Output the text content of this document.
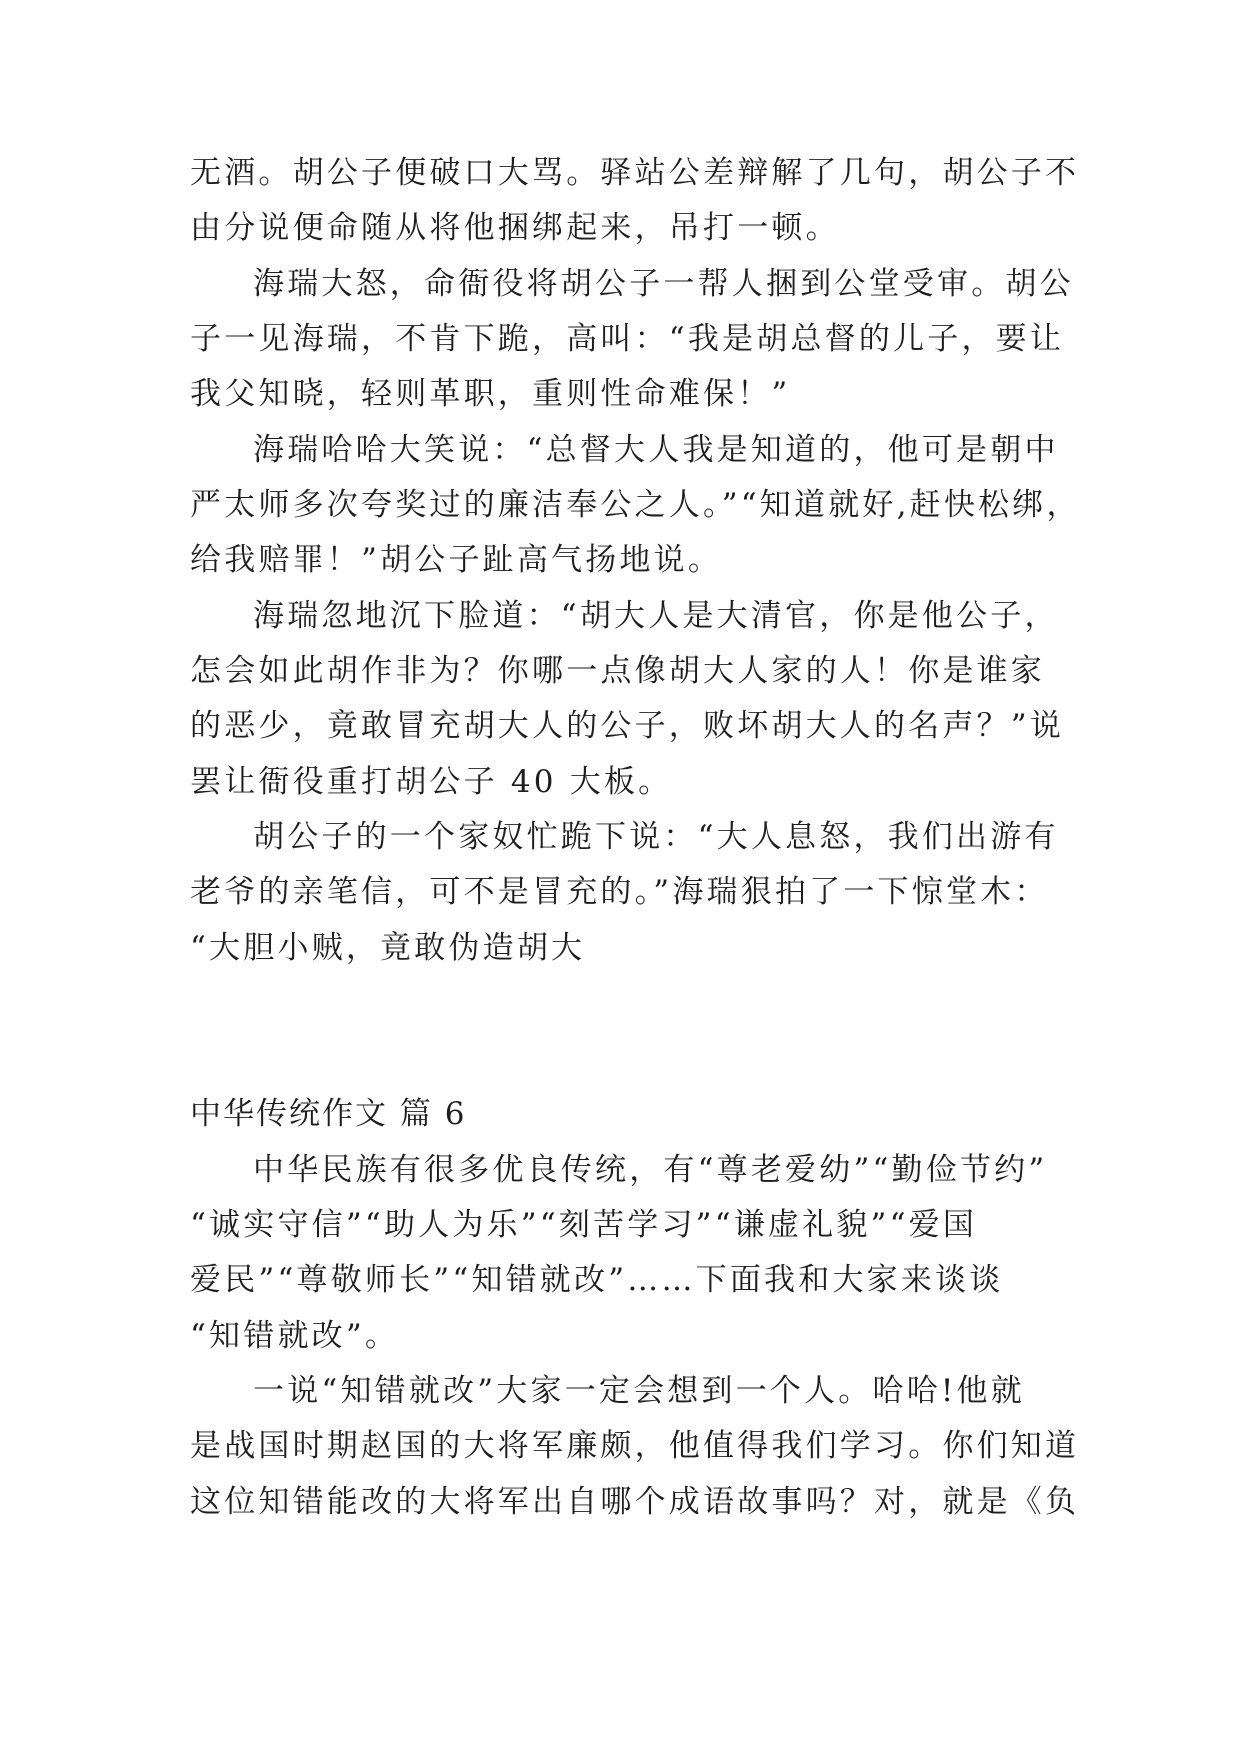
无酒。胡公子便破口大骂。驿站公差辩解了几句，胡公子不
由分说便命随从将他捆绑起来，吊打一顿。
海瑞大怒，命衙役将胡公子一帮人捆到公堂受审。胡公
子一见海瑞，不肯下跪，高叫：“我是胡总督的儿子，要让
我父知晓，轻则革职，重则性命难保！”
海瑞哈哈大笑说：“总督大人我是知道的，他可是朝中
严太师多次夸奖过的廉洁奉公之人。”“知道就好,赶快松绑，
给我赔罪！”胡公子趾高气扬地说。
海瑞忽地沉下脸道：“胡大人是大清官，你是他公子，
怎会如此胡作非为？你哪一点像胡大人家的人！你是谁家
的恶少，竟敢冒充胡大人的公子，败坏胡大人的名声？”说
罢让衙役重打胡公子 40 大板。
胡公子的一个家奴忙跪下说：“大人息怒，我们出游有
老爷的亲笔信，可不是冒充的。”海瑞狠拍了一下惊堂木：
“大胆小贼，竟敢伪造胡大
中华传统作文 篇 6
中华民族有很多优良传统，有“尊老爱幼”“勤俭节约”
“诚实守信”“助人为乐”“刻苦学习”“谦虚礼貌”“爱国
爱民”“尊敬师长”“知错就改”……下面我和大家来谈谈
“知错就改”。
一说“知错就改”大家一定会想到一个人。哈哈!他就
是战国时期赵国的大将军廉颇，他值得我们学习。你们知道
这位知错能改的大将军出自哪个成语故事吗？对，就是《负
